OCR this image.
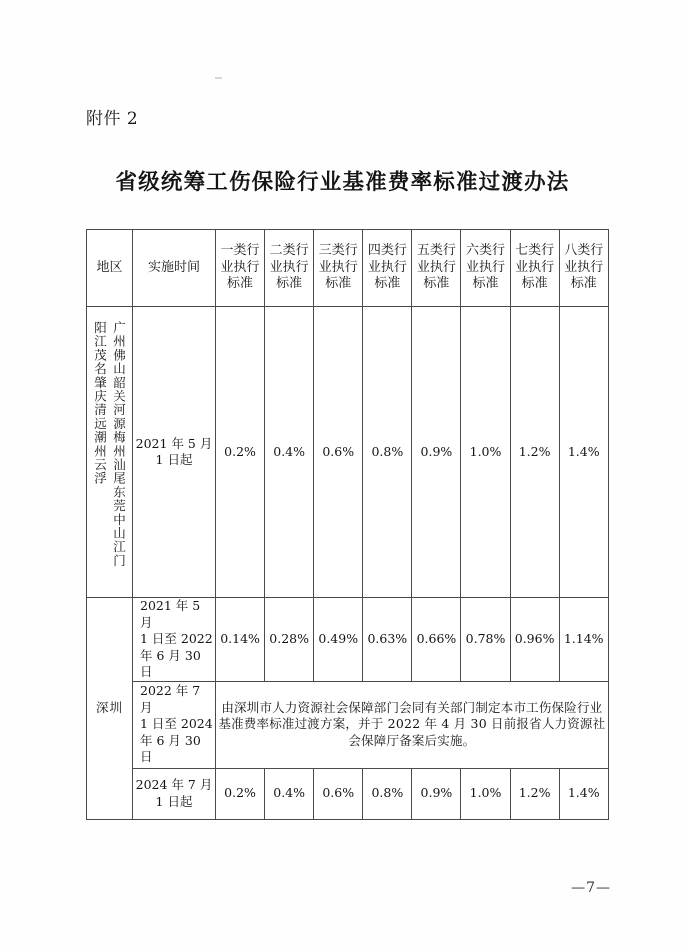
附件 2
省级统筹工伤保险行业基准费率标准过渡办法
地区	实施时间	一类行业执行标准	二类行业执行标准	三类行业执行标准	四类行业执行标准	五类行业执行标准	六类行业执行标准	七类行业执行标准	八类行业执行标准

广州佛山韶关河源梅州汕尾东莞中山江门阳江茂名肇庆清远潮州云浮	2021 年 5 月
1 日起	0.2%	0.4%	0.6%	0.8%	0.9%	1.0%	1.2%	1.4%
深圳	2021 年 5 月
1 日至 2022
年 6 月 30 日	0.14%	0.28%	0.49%	0.63%	0.66%	0.78%	0.96%	1.14%
	2022 年 7 月
1 日至 2024
年 6 月 30 日	由深圳市人力资源社会保障部门会同有关部门制定本市工伤保险行业基准费率标准过渡方案，并于 2022 年 4 月 30 日前报省人力资源社会保障厅备案后实施。							
	2024 年 7 月
1 日起	0.2%	0.4%	0.6%	0.8%	0.9%	1.0%	1.2%	1.4%
—7—
